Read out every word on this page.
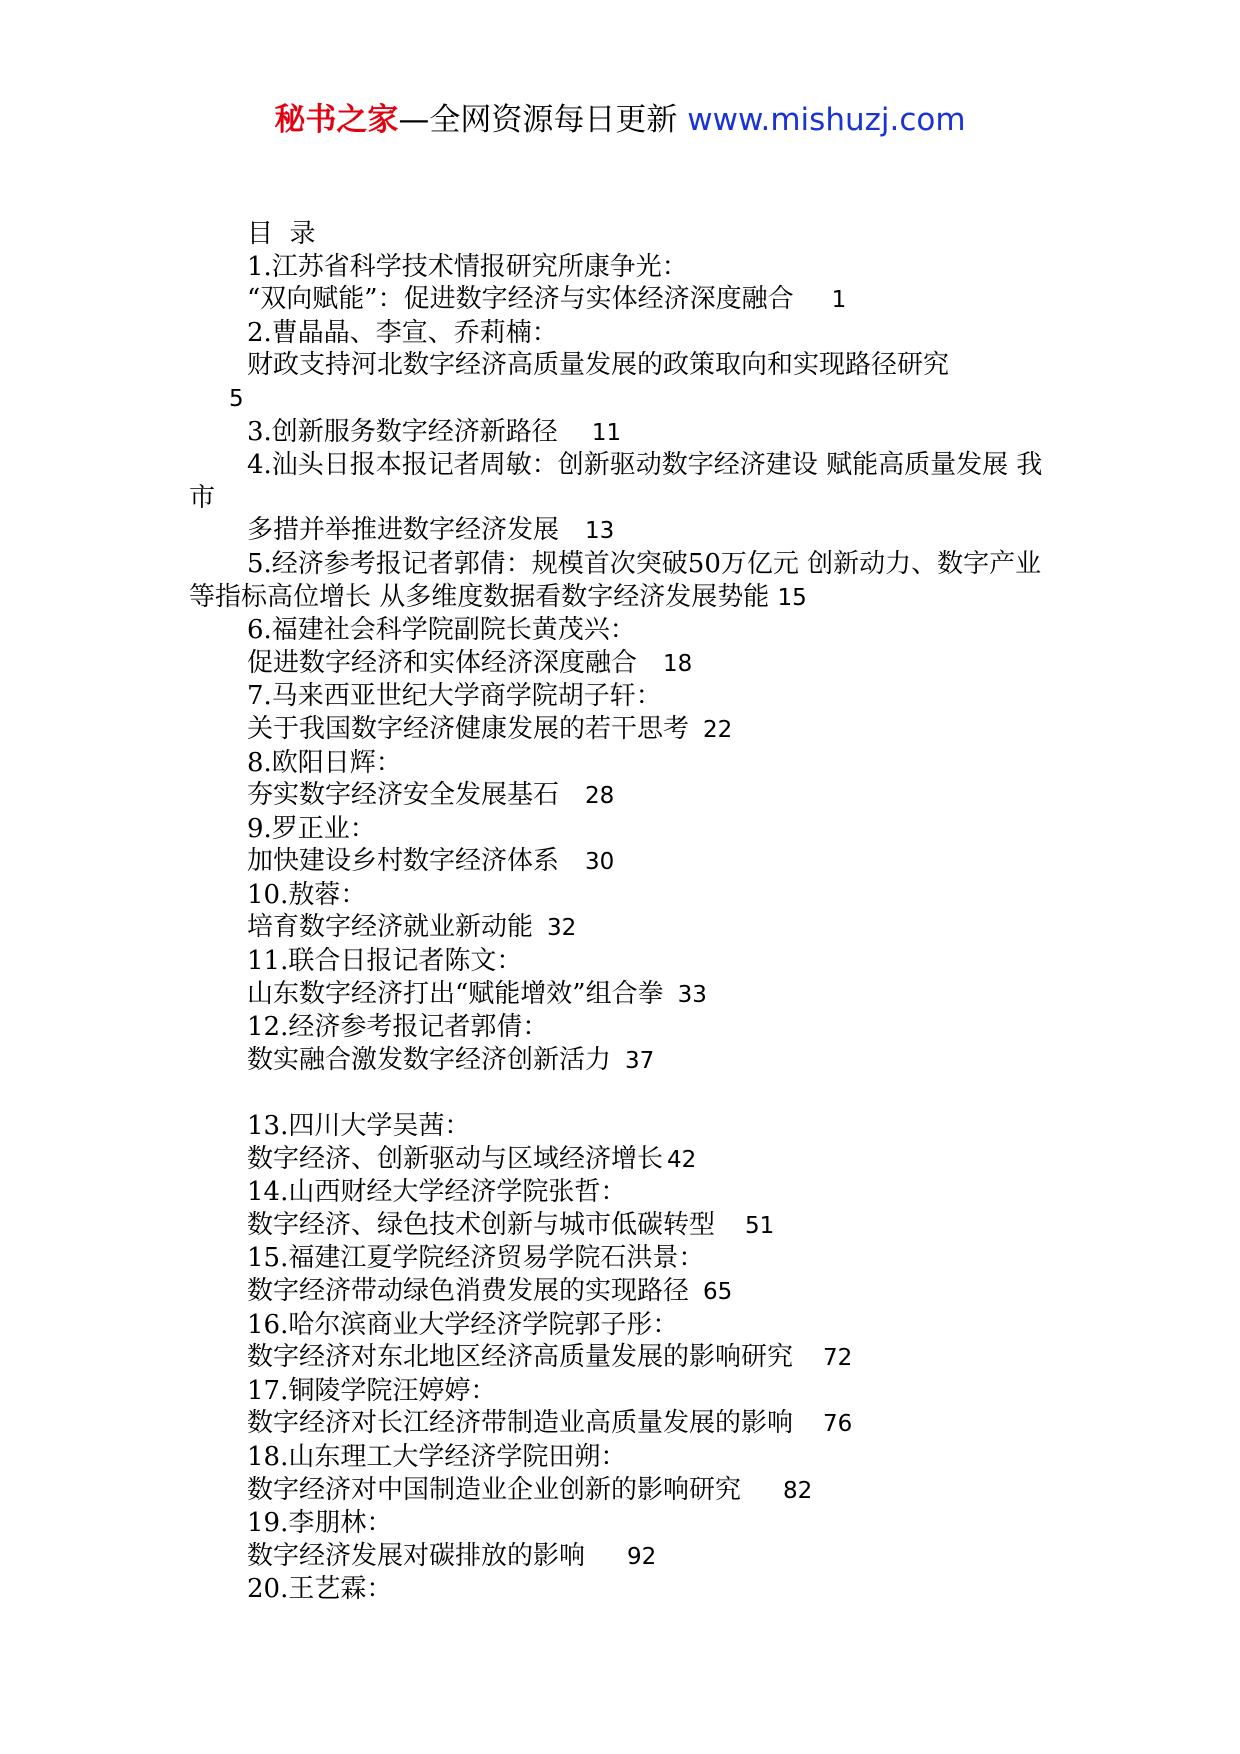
秘书之家—全网资源每日更新 www.mishuzj.com
目  录
1.江苏省科学技术情报研究所康争光：
“双向赋能”：促进数字经济与实体经济深度融合 1
2.曹晶晶、李宣、乔莉楠：
财政支持河北数字经济高质量发展的政策取向和实现路径研究
5
3.创新服务数字经济新路径 11
4.汕头日报本报记者周敏：创新驱动数字经济建设 赋能高质量发展 我市
多措并举推进数字经济发展 13
5.经济参考报记者郭倩：规模首次突破50万亿元 创新动力、数字产业等指标高位增长 从多维度数据看数字经济发展势能 15
6.福建社会科学院副院长黄茂兴：
促进数字经济和实体经济深度融合 18
7.马来西亚世纪大学商学院胡子轩：
关于我国数字经济健康发展的若干思考 22
8.欧阳日辉：
夯实数字经济安全发展基石 28
9.罗正业：
加快建设乡村数字经济体系 30
10.敖蓉：
培育数字经济就业新动能 32
11.联合日报记者陈文：
山东数字经济打出“赋能增效”组合拳 33
12.经济参考报记者郭倩：
数实融合激发数字经济创新活力 37
13.四川大学吴茜：
数字经济、创新驱动与区域经济增长 42
14.山西财经大学经济学院张哲：
数字经济、绿色技术创新与城市低碳转型 51
15.福建江夏学院经济贸易学院石洪景：
数字经济带动绿色消费发展的实现路径 65
16.哈尔滨商业大学经济学院郭子彤：
数字经济对东北地区经济高质量发展的影响研究 72
17.铜陵学院汪婷婷：
数字经济对长江经济带制造业高质量发展的影响 76
18.山东理工大学经济学院田朔：
数字经济对中国制造业企业创新的影响研究 82
19.李朋林：
数字经济发展对碳排放的影响 92
20.王艺霖：
